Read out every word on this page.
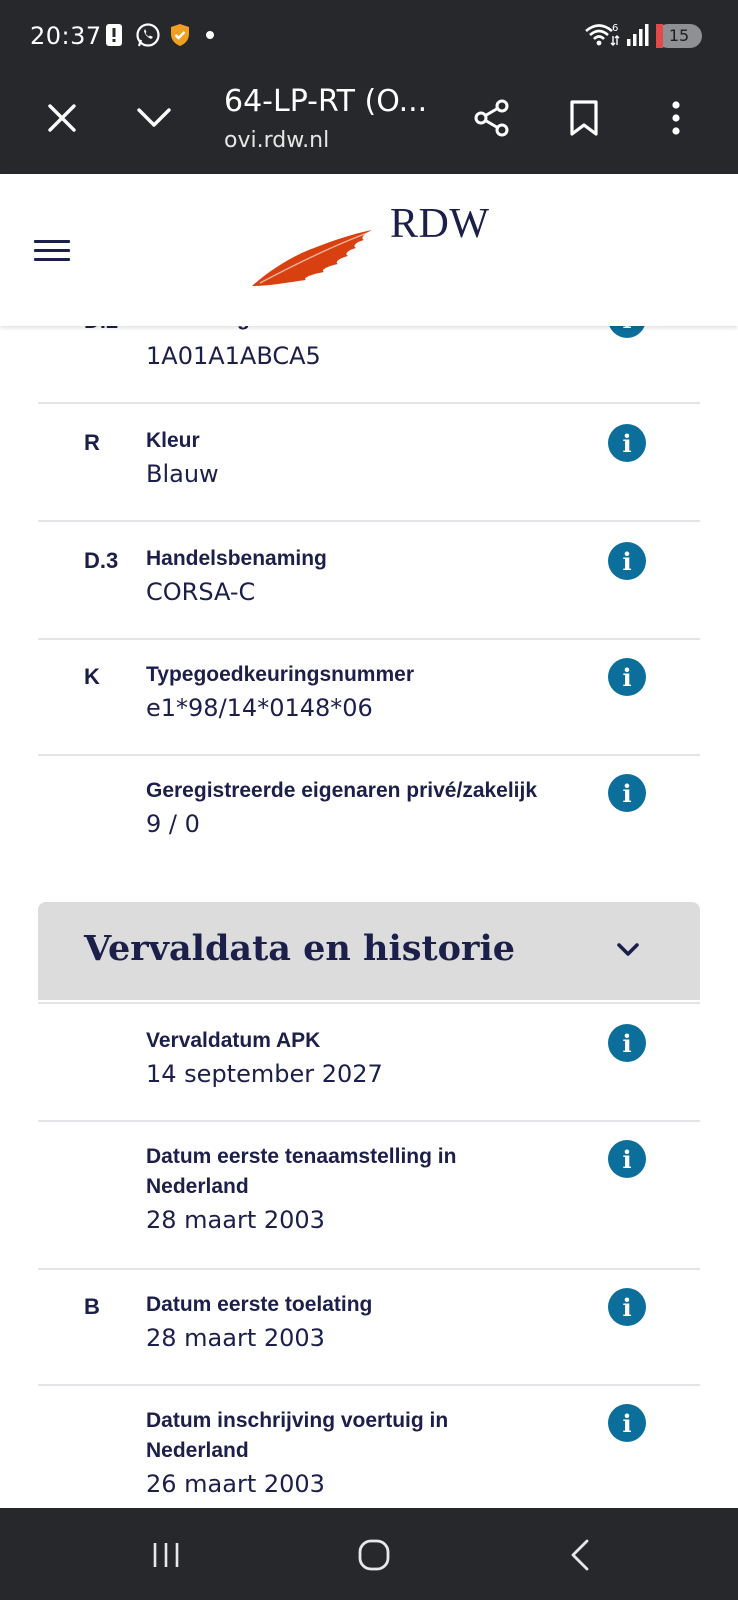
20:37	6	15
64-LP-RT (O...
ovi.rdw.nl
RDW
1A01A1ABCA5
R Kleur
Blauw
i
D.3 Handelsbenaming
CORSA-C
i
K Typegoedkeuringsnummer
e1*98/14*0148*06
i
Geregistreerde eigenaren privé/zakelijk
9 / 0
i
Vervaldata en historie
Vervaldatum APK
14 september 2027
i
Datum eerste tenaamstelling in Nederland
28 maart 2003
i
B Datum eerste toelating
28 maart 2003
i
Datum inschrijving voertuig in Nederland
26 maart 2003
i
